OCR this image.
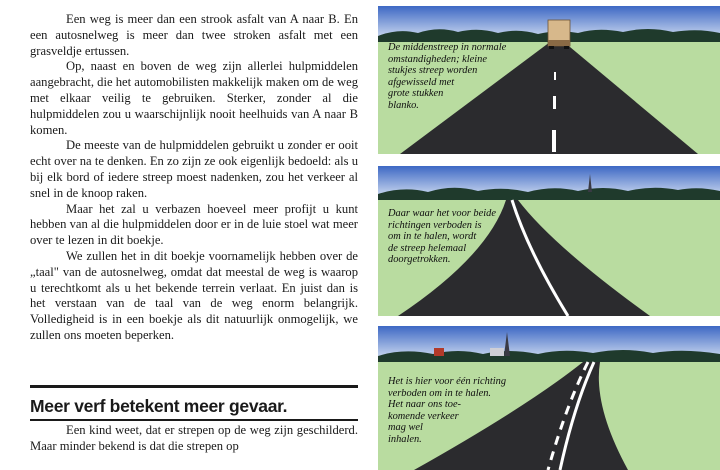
Een weg is meer dan een strook asfalt van A naar B. En een autosnelweg is meer dan twee stroken asfalt met een grasveldje ertussen.

Op, naast en boven de weg zijn allerlei hulpmiddelen aangebracht, die het automobilisten makkelijk maken om de weg met elkaar veilig te gebruiken. Sterker, zonder al die hulpmiddelen zou u waarschijnlijk nooit heelhuids van A naar B komen.

De meeste van de hulpmiddelen gebruikt u zonder er ooit echt over na te denken. En zo zijn ze ook eigenlijk bedoeld: als u bij elk bord of iedere streep moest nadenken, zou het verkeer al snel in de knoop raken.

Maar het zal u verbazen hoeveel meer profijt u kunt hebben van al die hulpmiddelen door er in de luie stoel wat meer over te lezen in dit boekje.

We zullen het in dit boekje voornamelijk hebben over de „taal" van de autosnelweg, omdat dat meestal de weg is waarop u terechtkomt als u het bekende terrein verlaat. En juist dan is het verstaan van de taal van de weg enorm belangrijk. Volledigheid is in een boekje als dit natuurlijk onmogelijk, we zullen ons moeten beperken.

Meer verf betekent meer gevaar.

Een kind weet, dat er strepen op de weg zijn geschilderd. Maar minder bekend is dat die strepen op

De middenstreep in normale
omstandigheden; kleine
stukjes streep worden
afgewisseld met
grote stukken
blanko.
Daar waar het voor beide
richtingen verboden is
om in te halen, wordt
de streep helemaal
doorgetrokken.
Het is hier voor één richting
verboden om in te halen.
Het naar ons toe-
komende verkeer
mag wel
inhalen.
